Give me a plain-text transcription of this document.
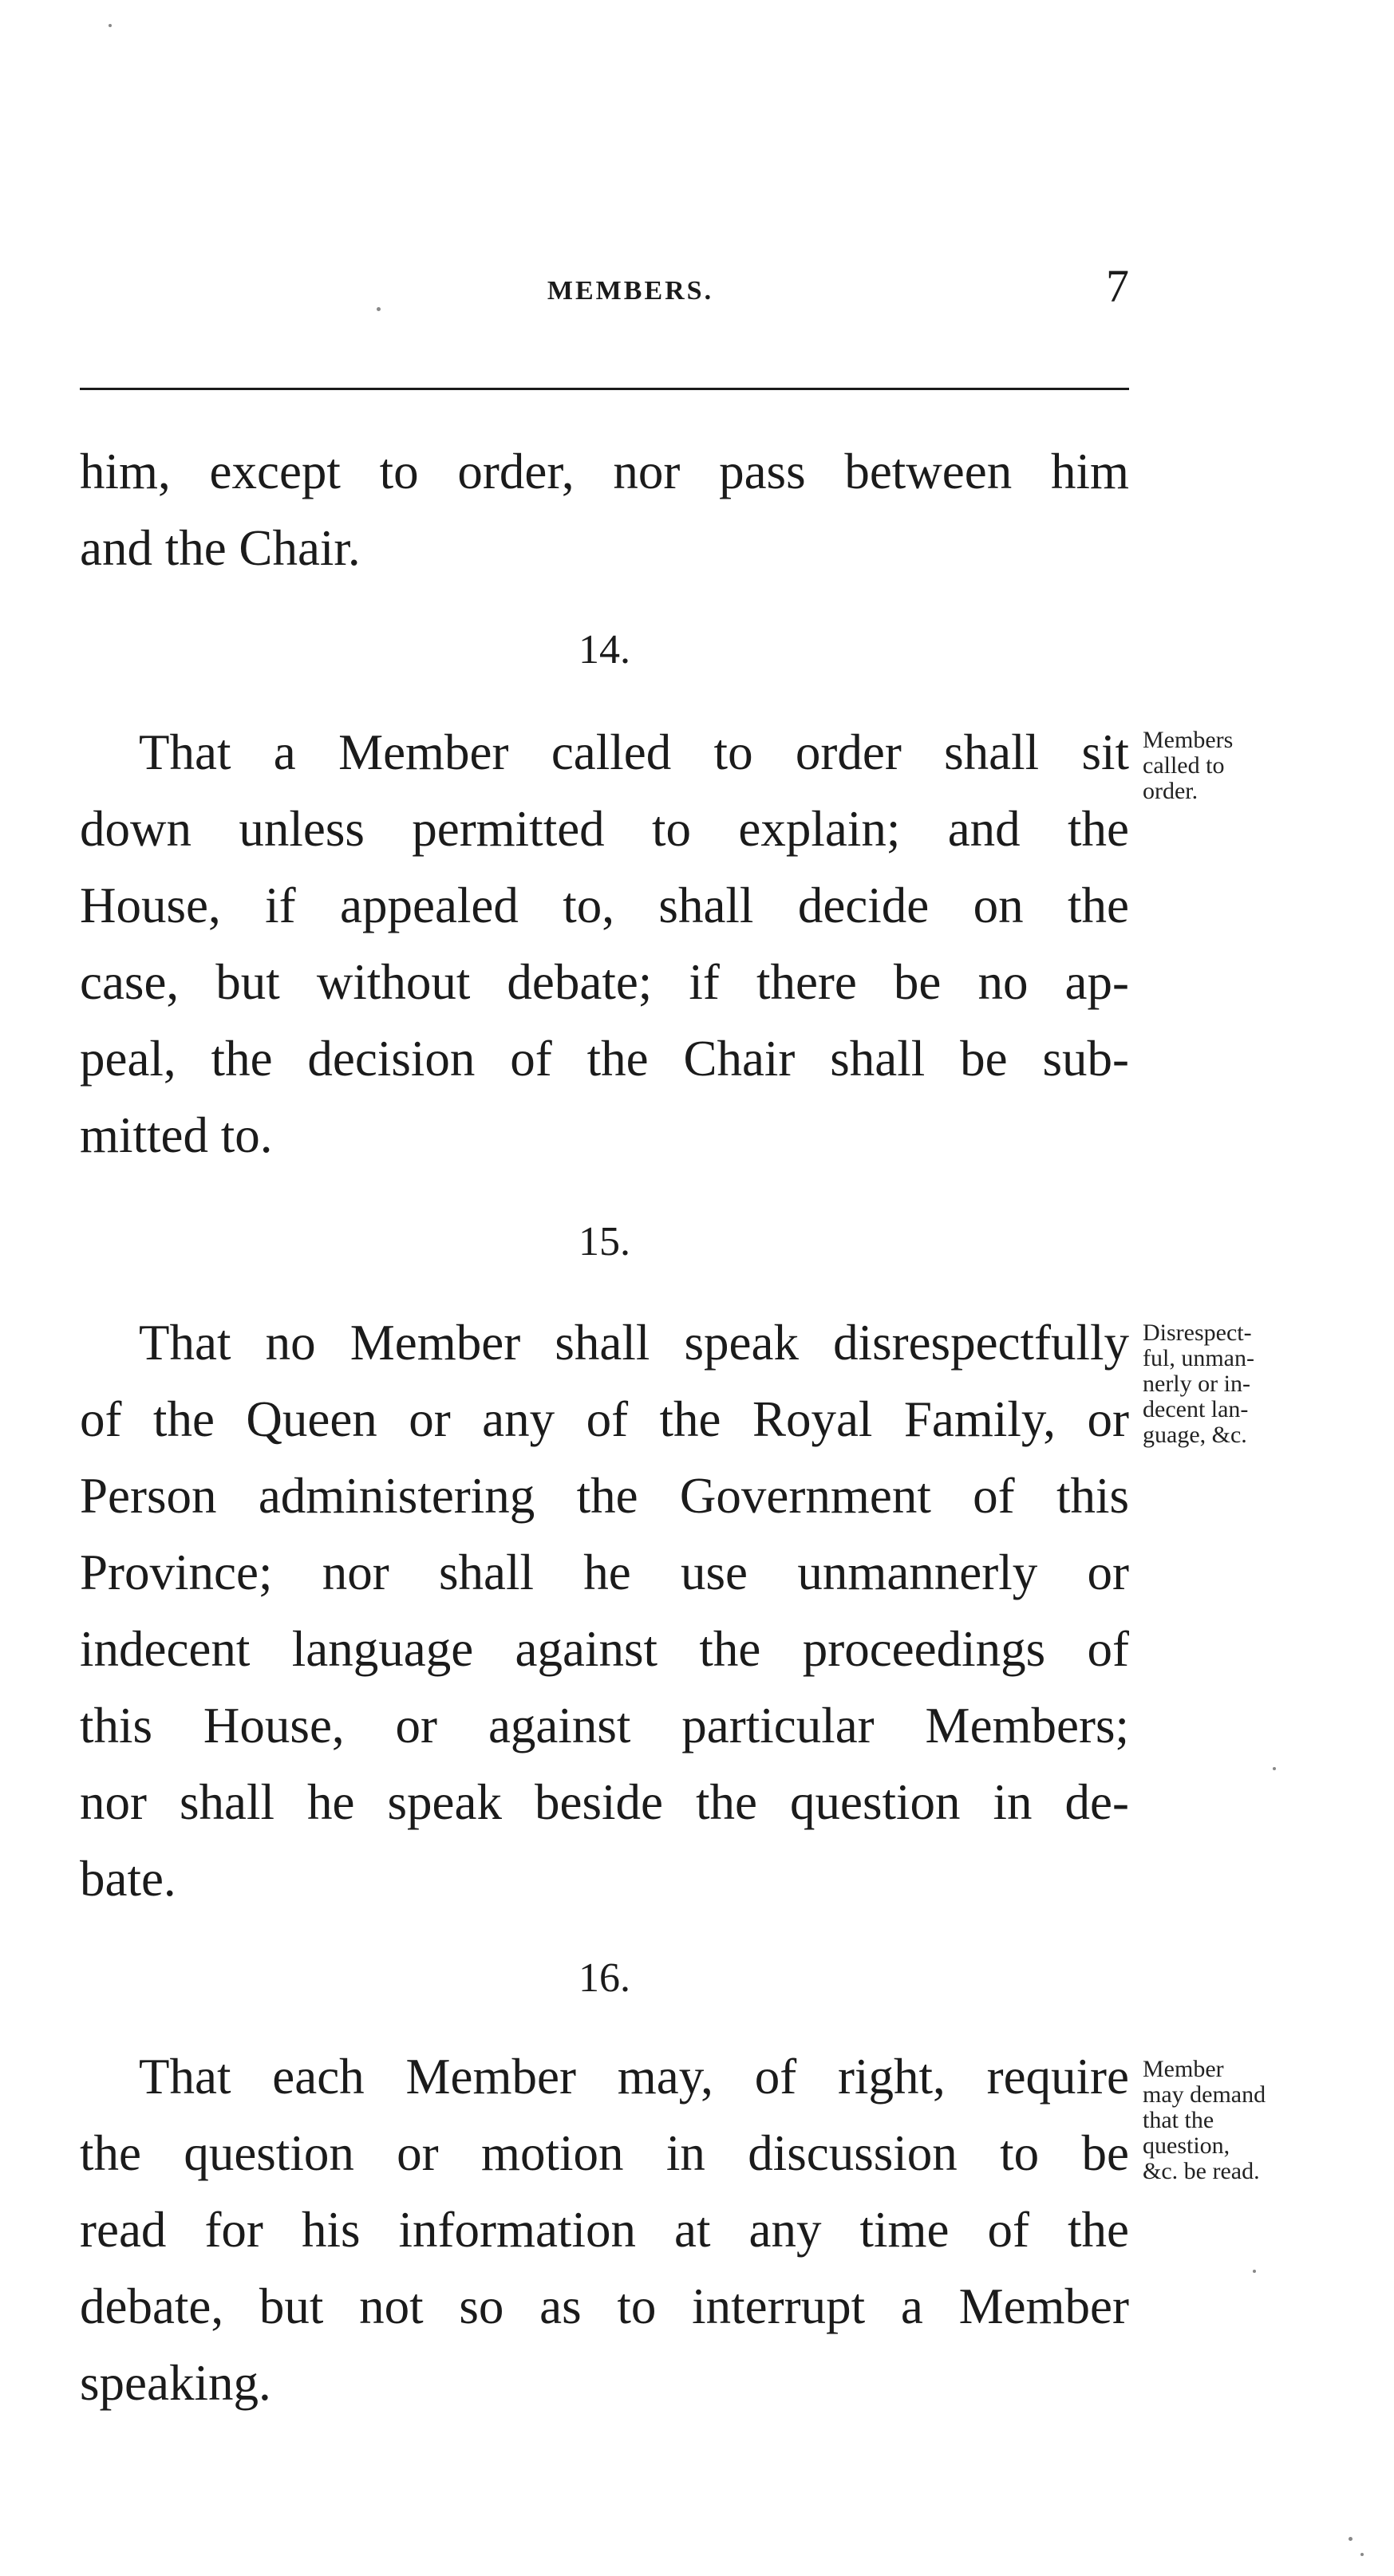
MEMBERS.	7
him, except to order, nor pass between him
and the Chair.
14.
That a Member called to order shall sit
down unless permitted to explain; and the
House, if appealed to, shall decide on the
case, but without debate; if there be no ap-
peal, the decision of the Chair shall be sub-
mitted to.
Members
called to
order.
15.
That no Member shall speak disrespectfully
of the Queen or any of the Royal Family, or
Person administering the Government of this
Province; nor shall he use unmannerly or
indecent language against the proceedings of
this House, or against particular Members;
nor shall he speak beside the question in de-
bate.
Disrespect-
ful, unman-
nerly or in-
decent lan-
guage, &c.
16.
That each Member may, of right, require
the question or motion in discussion to be
read for his information at any time of the
debate, but not so as to interrupt a Member
speaking.
Member
may demand
that the
question,
&c. be read.
